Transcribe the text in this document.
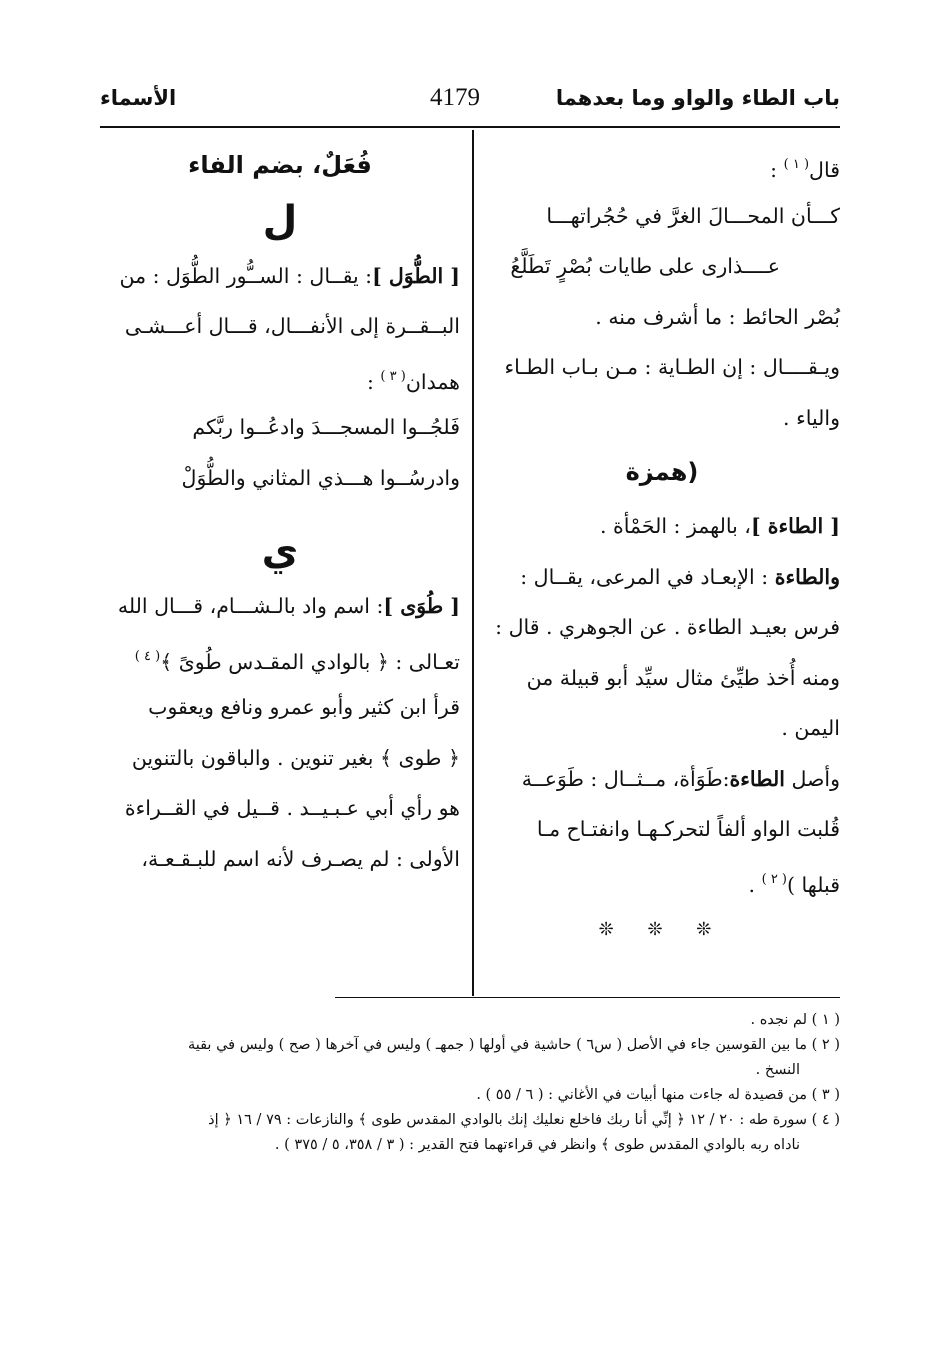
باب الطاء والواو وما بعدهما
4179
الأسماء
قال$^{( ١ )}$ :
كـــأن المحـــالَ الغرَّ في حُجُراتهـــا
عــــذارى على طايات بُصْرٍ تَطَلَّعُ
بُصْر الحائط : ما أشرف منه .
ويـقــــال : إن الطـاية : مـن بـاب الطـاء
والياء .
(همزة
[ الطاءة ]، بالهمز : الحَمْأة .
والطاءة : الإبعـاد في المرعى، يقــال :
فرس بعيـد الطاءة . عن الجوهري . قال :
ومنه أُخذ طيِّئ مثال سيِّد أبو قبيلة من
اليمن .
وأصل الطاءة:طَوَأة، مــثــال : طَوَعــة
قُلبت الواو ألفاً لتحركـهـا وانفتـاح مـا
قبلها )$^{( ٢ )}$ .
❊ ❊ ❊
فُعَلٌ، بضم الفاء
ل
[ الطُّوَل ]: يقــال : الســُّور الطُّوَل : من
البــقــرة إلى الأنفـــال، قـــال أعـــشـى
همدان$^{( ٣ )}$ :
فَلجُــوا المسجـــدَ وادعُــوا ربَّكم
وادرسُــوا هـــذي المثاني والطُّوَلْ
ي
[ طُوَى ]: اسم واد بالـشـــام، قـــال الله
تعـالى : ﴿ بالوادي المقـدس طُوىً ﴾$^{( ٤ )}$
قرأ ابن كثير وأبو عمرو ونافع ويعقوب
﴿ طوى ﴾ بغير تنوين . والباقون بالتنوين
هو رأي أبي عـبـيــد . قــيل في القــراءة
الأولى : لم يصـرف لأنه اسم للبـقـعـة،
( ١ ) لم نجده .
( ٢ ) ما بين القوسين جاء في الأصل ( س٦ ) حاشية في أولها ( جمهـ ) وليس في آخرها ( صح ) وليس في بقية
النسخ .
( ٣ ) من قصيدة له جاءت منها أبيات في الأغاني : ( ٦ / ٥٥ ) .
( ٤ ) سورة طه : ٢٠ / ١٢ ﴿ إنِّي أنا ربك فاخلع نعليك إنك بالوادي المقدس طوى ﴾ والنازعات : ٧٩ / ١٦ ﴿ إذ
ناداه ربه بالوادي المقدس طوى ﴾ وانظر في قراءتهما فتح القدير : ( ٣ / ٣٥٨، ٥ / ٣٧٥ ) .
